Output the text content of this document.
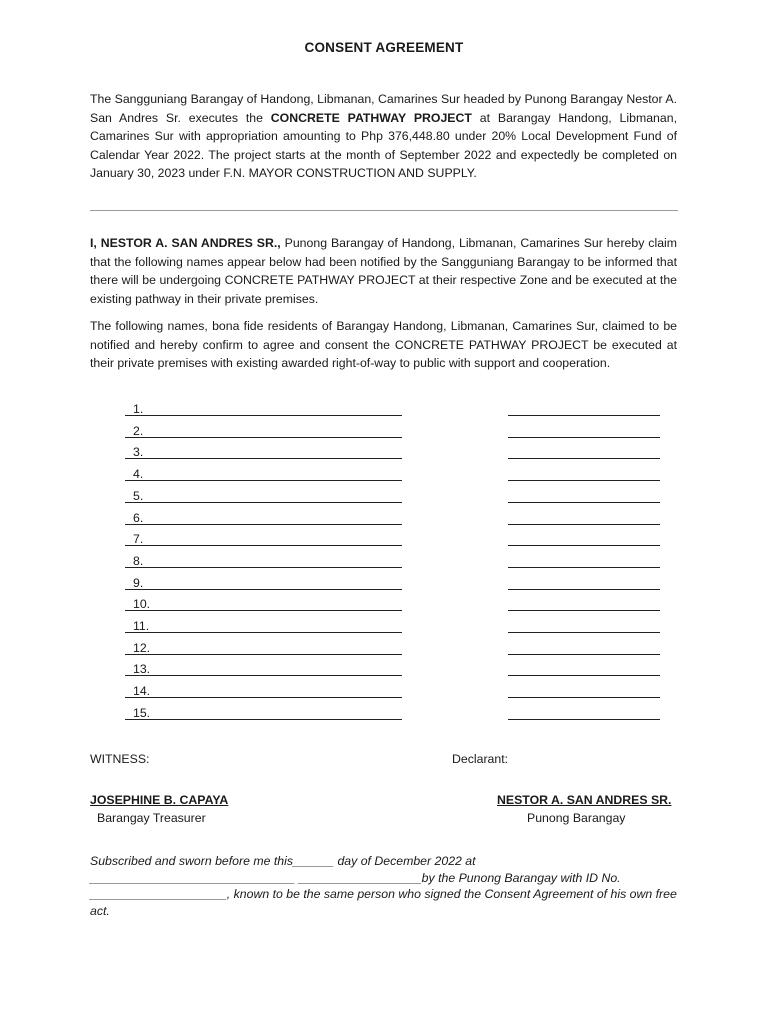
CONSENT AGREEMENT

The Sangguniang Barangay of Handong, Libmanan, Camarines Sur headed by Punong Barangay Nestor A. San Andres Sr. executes the CONCRETE PATHWAY PROJECT at Barangay Handong, Libmanan, Camarines Sur with appropriation amounting to Php 376,448.80 under 20% Local Development Fund of Calendar Year 2022. The project starts at the month of September 2022 and expectedly be completed on January 30, 2023 under F.N. MAYOR CONSTRUCTION AND SUPPLY.

I, NESTOR A. SAN ANDRES SR., Punong Barangay of Handong, Libmanan, Camarines Sur hereby claim that the following names appear below had been notified by the Sangguniang Barangay to be informed that there will be undergoing CONCRETE PATHWAY PROJECT at their respective Zone and be executed at the existing pathway in their private premises.

The following names, bona fide residents of Barangay Handong, Libmanan, Camarines Sur, claimed to be notified and hereby confirm to agree and consent the CONCRETE PATHWAY PROJECT be executed at their private premises with existing awarded right-of-way to public with support and cooperation.

1.
2.
3.
4.
5.
6.
7.
8.
9.
10.
11.
12.
13.
14.
15.
WITNESS:	Declarant:
JOSEPHINE B. CAPAYA
Barangay Treasurer
NESTOR A. SAN ANDRES SR.
Punong Barangay

Subscribed and sworn before me this______ day of December 2022 at ______________________________ __________________by the Punong Barangay with ID No. ____________________, known to be the same person who signed the Consent Agreement of his own free act.
